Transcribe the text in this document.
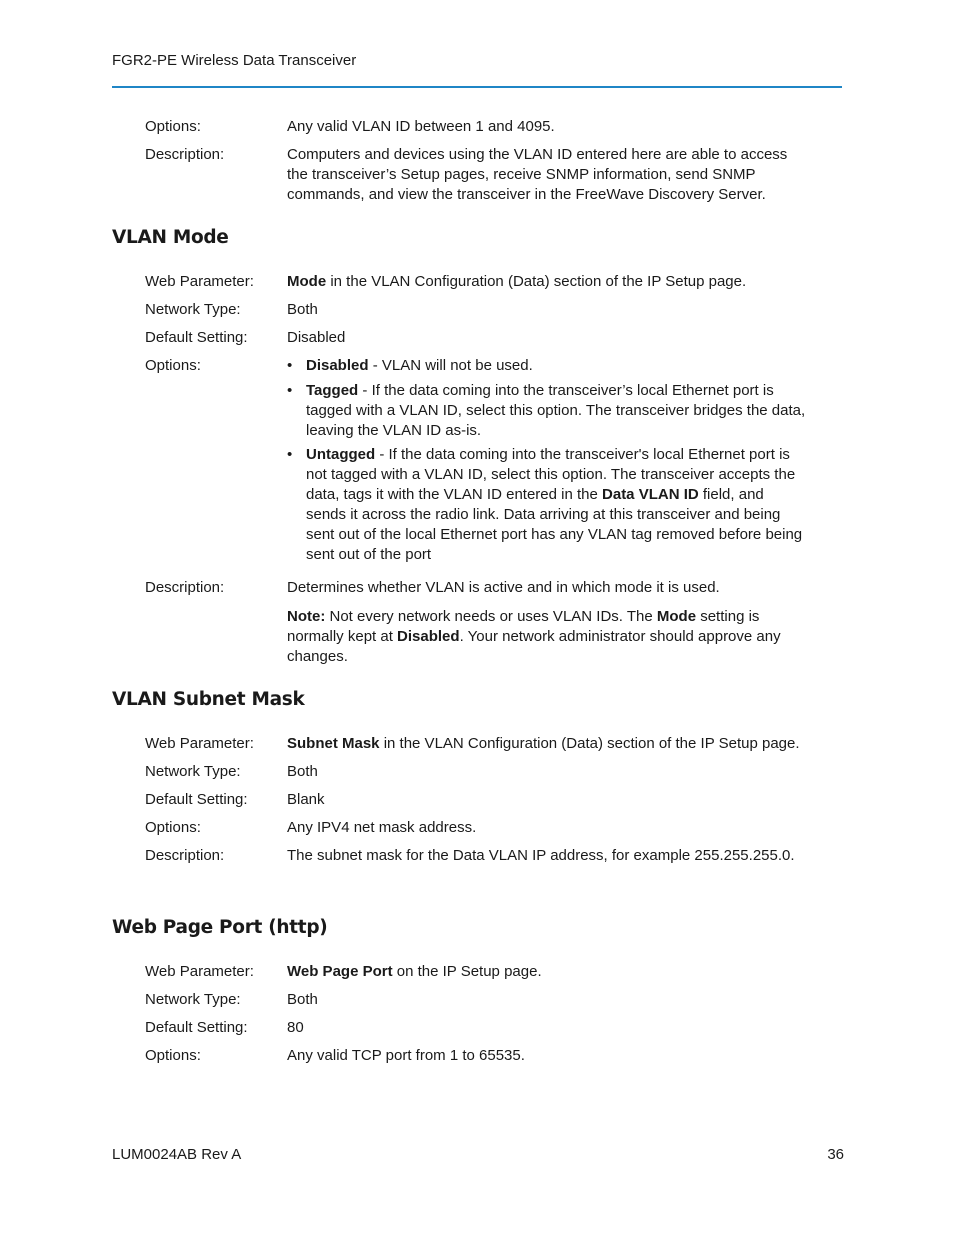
FGR2-PE Wireless Data Transceiver
Options:	Any valid VLAN ID between 1 and 4095.
Description:	Computers and devices using the VLAN ID entered here are able to access the transceiver’s Setup pages, receive SNMP information, send SNMP commands, and view the transceiver in the FreeWave Discovery Server.
VLAN Mode
Web Parameter:	Mode in the VLAN Configuration (Data) section of the IP Setup page.
Network Type:	Both
Default Setting:	Disabled
Options:	• Disabled - VLAN will not be used.
• Tagged - If the data coming into the transceiver’s local Ethernet port is tagged with a VLAN ID, select this option. The transceiver bridges the data, leaving the VLAN ID as-is.
• Untagged - If the data coming into the transceiver's local Ethernet port is not tagged with a VLAN ID, select this option. The transceiver accepts the data, tags it with the VLAN ID entered in the Data VLAN ID field, and sends it across the radio link. Data arriving at this transceiver and being sent out of the local Ethernet port has any VLAN tag removed before being sent out of the port
Description:	Determines whether VLAN is active and in which mode it is used.
Note: Not every network needs or uses VLAN IDs. The Mode setting is normally kept at Disabled. Your network administrator should approve any changes.
VLAN Subnet Mask
Web Parameter:	Subnet Mask in the VLAN Configuration (Data) section of the IP Setup page.
Network Type:	Both
Default Setting:	Blank
Options:	Any IPV4 net mask address.
Description:	The subnet mask for the Data VLAN IP address, for example 255.255.255.0.
Web Page Port (http)
Web Parameter:	Web Page Port on the IP Setup page.
Network Type:	Both
Default Setting:	80
Options:	Any valid TCP port from 1 to 65535.
LUM0024AB Rev A	36
